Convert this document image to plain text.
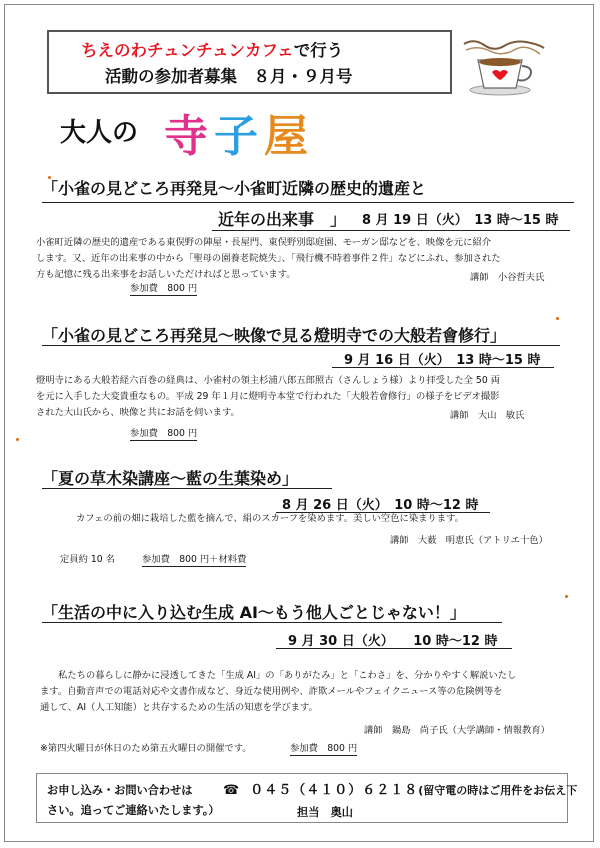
ちえのわチュンチュンカフェで行う
活動の参加者募集　８月・９月号
大人の 寺子屋
「小雀の見どころ再発見～小雀町近隣の歴史的遺産と
近年の出来事　」 8 月 19 日（火）　13 時～15 時
小雀町近隣の歴史的遺産である東俣野の陣屋・長屋門、東俣野別邸庭園、モーガン邸などを、映像を元に紹介
します。又、近年の出来事の中から「聖母の園養老院焼失」、「飛行機不時着事件２件」などにふれ、参加された
方も記憶に残る出来事をお話しいただければと思っています。	講師　小谷哲夫氏
参加費　800 円
「小雀の見どころ再発見～映像で見る燈明寺での大般若會修行」
9 月 16 日（火）　13 時～15 時
燈明寺にある大般若経六百巻の経典は、小雀村の領主杉浦八郎五郎照古（さんしょう様）より拝受した全 50 両
を元に入手した大変貴重なもの。平成 29 年１月に燈明寺本堂で行われた「大般若會修行」の様子をビデオ撮影
された大山氏から、映像と共にお話を伺います。	講師　大山　敏氏
参加費　800 円
「夏の草木染講座～藍の生葉染め」
8 月 26 日（火）　10 時～12 時
カフェの前の畑に栽培した藍を摘んで、絹のスカーフを染めます。美しい空色に染まります。
講師　大薮　明恵氏（アトリエ十色）
定員約 10 名	参加費　800 円＋材料費
「生活の中に入り込む生成 AI～もう他人ごとじゃない！」
9 月 30 日（火）　　10 時～12 時
私たちの暮らしに静かに浸透してきた「生成 AI」の「ありがたみ」と「こわさ」を、分かりやすく解説いたし
ます。自動音声での電話対応や文書作成など、身近な使用例や、詐欺メールやフェイクニュース等の危険例等を
通して、AI（人工知能）と共存するための生活の知恵を学びます。
講師　鍋島　尚子氏（大学講師・情報教育）
※第四火曜日が休日のため第五火曜日の開催です。	参加費　800 円
お申し込み・お問い合わせは ☎ ０４５（４１０）６２１８(留守電の時はご用件をお伝え下
さい。追ってご連絡いたします。）	担当　奥山
